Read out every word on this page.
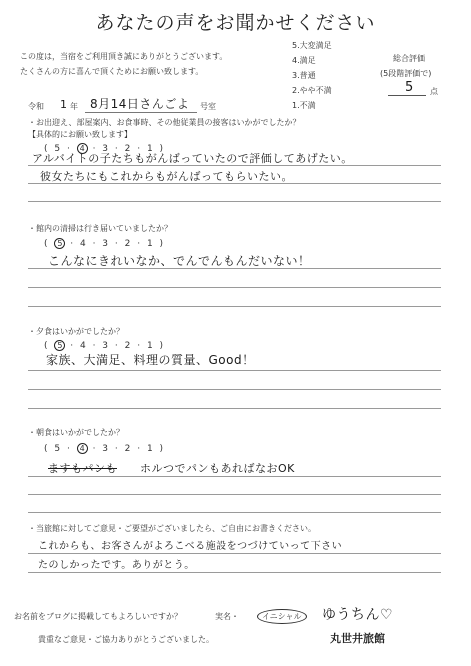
あなたの声をお聞かせください
この度は，当宿をご利用頂き誠にありがとうございます。
たくさんの方に喜んで頂くためにお願い致します。
5.大変満足
4.満足
3.普通
2.やや不満
1.不満
総合評価
(5段階評価で)
5 点
令和 1 年 8月14日さんごよ 号室
・お出迎え、部屋案内、お食事時、その他従業員の接客はいかがでしたか？
【具体的にお願い致します】
( 5 · 4 · 3 · 2 · 1 )
アルバイトの子たちもがんばっていたので評価してあげたい。
彼女たちにもこれからもがんばってもらいたい。
・館内の清掃は行き届いていましたか？
( 5 · 4 · 3 · 2 · 1 )
こんなにきれいなか、でんでんもんだいない！
・夕食はいかがでしたか？
( 5 · 4 · 3 · 2 · 1 )
家族、大満足、料理の質量、Good！
・朝食はいかがでしたか？
( 5 · 4 · 3 · 2 · 1 )
ますもパンも ホルつでパンもあればなおOK
・当旅館に対してご意見・ご要望がございましたら、ご自由にお書きください。
これからも、お客さんがよろこべる施設をつづけていって下さい
たのしかったです。ありがとう。
お名前をブログに掲載してもよろしいですか？	実名・	イニシャル	ゆうちん♡
貴重なご意見・ご協力ありがとうございました。	丸世井旅館
